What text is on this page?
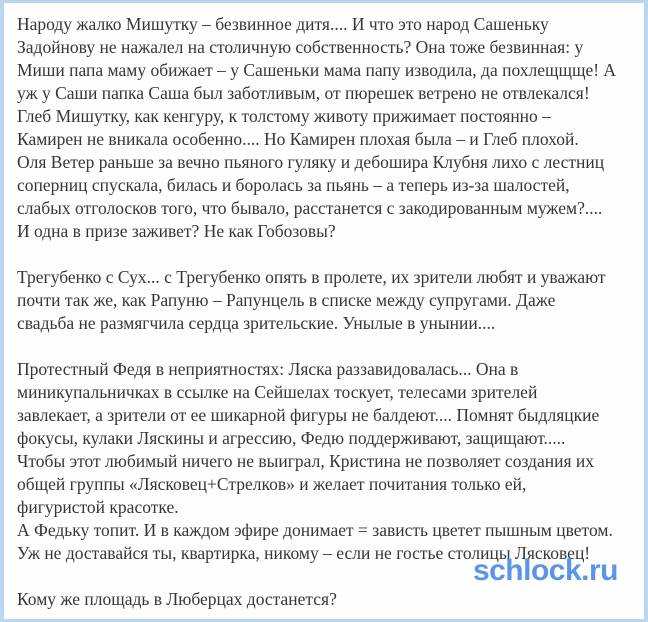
Народу жалко Мишутку – безвинное дитя.... И что это народ Сашеньку
Задойнову не нажалел на столичную собственность? Она тоже безвинная: у
Миши папа маму обижает – у Сашеньки мама папу изводила, да похлещщще! А
уж у Саши папка Саша был заботливым, от пюрешек ветрено не отвлекался!
Глеб Мишутку, как кенгуру, к толстому животу прижимает постоянно –
Камирен не вникала особенно.... Но Камирен плохая была – и Глеб плохой.
Оля Ветер раньше за вечно пьяного гуляку и дебошира Клубня лихо с лестниц
соперниц спускала, билась и боролась за пьянь – а теперь из-за шалостей,
слабых отголосков того, что бывало, расстанется с закодированным мужем?....
И одна в призе заживет? Не как Гобозовы?
Трегубенко с Сух... с Трегубенко опять в пролете, их зрители любят и уважают
почти так же, как Рапуню – Рапунцель в списке между супругами. Даже
свадьба не размягчила сердца зрительские. Унылые в унынии....
Протестный Федя в неприятностях: Ляска раззавидовалась... Она в
миникупальничках в ссылке на Сейшелах тоскует, телесами зрителей
завлекает, а зрители от ее шикарной фигуры не балдеют.... Помнят быдляцкие
фокусы, кулаки Ляскины и агрессию, Федю поддерживают, защищают.....
Чтобы этот любимый ничего не выиграл, Кристина не позволяет создания их
общей группы «Лясковец+Стрелков» и желает почитания только ей,
фигуристой красотке.
А Федьку топит. И в каждом эфире донимает = зависть цветет пышным цветом.
Уж не доставайся ты, квартирка, никому – если не гостье столицы Лясковец!
Кому же площадь в Люберцах достанется?
schlock.ru
